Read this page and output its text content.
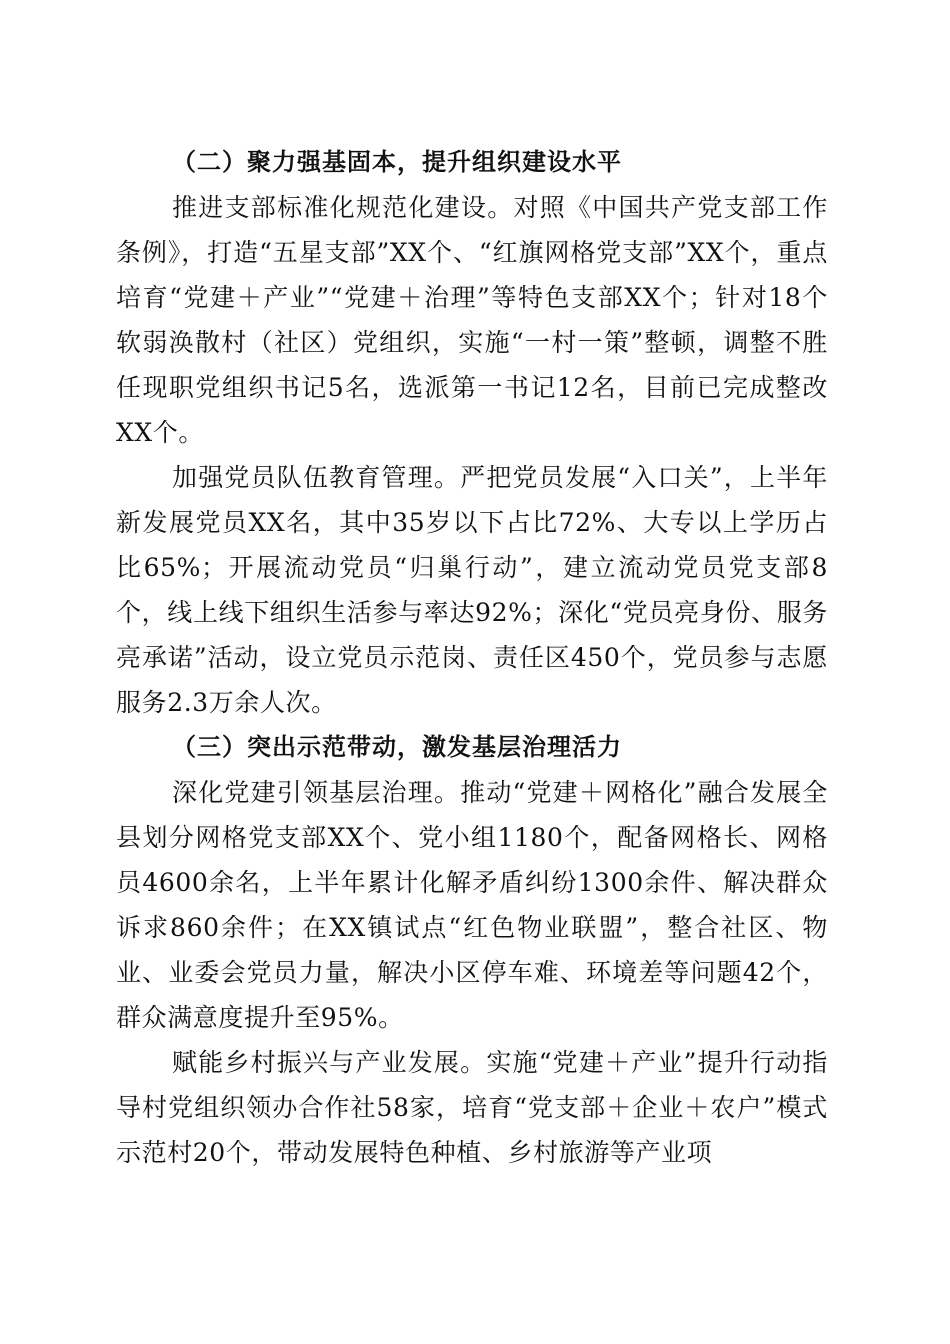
（二）聚力强基固本，提升组织建设水平

推进支部标准化规范化建设。对照《中国共产党支部工作条例》，打造“五星支部”XX个、“红旗网格党支部”XX个，重点培育“党建＋产业”“党建＋治理”等特色支部XX个；针对18个软弱涣散村（社区）党组织，实施“一村一策”整顿，调整不胜任现职党组织书记5名，选派第一书记12名，目前已完成整改XX个。

加强党员队伍教育管理。严把党员发展“入口关”，上半年新发展党员XX名，其中35岁以下占比72%、大专以上学历占比65%；开展流动党员“归巢行动”，建立流动党员党支部8个，线上线下组织生活参与率达92%；深化“党员亮身份、服务亮承诺”活动，设立党员示范岗、责任区450个，党员参与志愿服务2.3万余人次。

（三）突出示范带动，激发基层治理活力

深化党建引领基层治理。推动“党建＋网格化”融合发展全县划分网格党支部XX个、党小组1180个，配备网格长、网格员4600余名，上半年累计化解矛盾纠纷1300余件、解决群众诉求860余件；在XX镇试点“红色物业联盟”，整合社区、物业、业委会党员力量，解决小区停车难、环境差等问题42个，群众满意度提升至95%。

赋能乡村振兴与产业发展。实施“党建＋产业”提升行动指导村党组织领办合作社58家，培育“党支部＋企业＋农户”模式示范村20个，带动发展特色种植、乡村旅游等产业项
